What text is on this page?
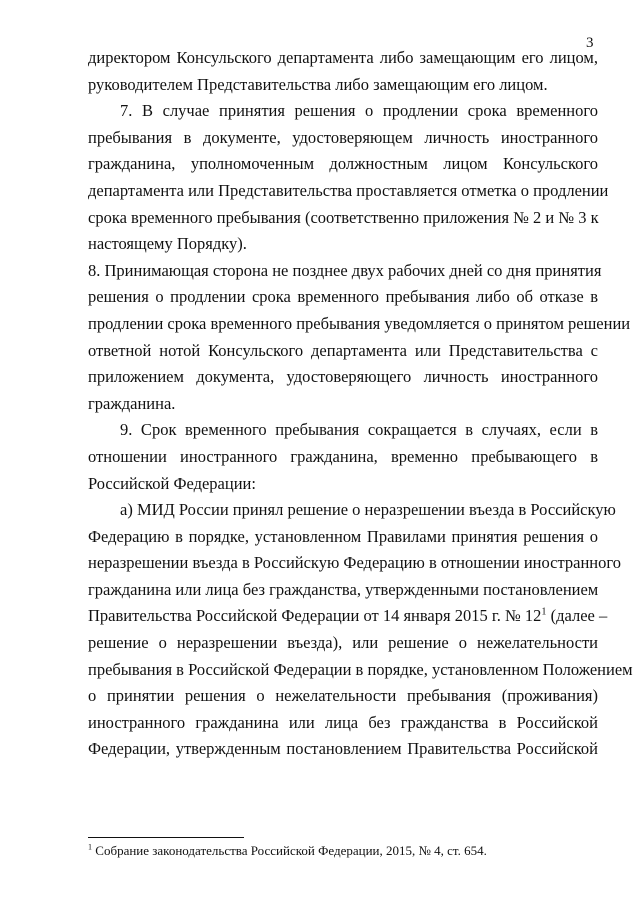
3

директором Консульского департамента либо замещающим его лицом,
руководителем Представительства либо замещающим его лицом.

7. В случае принятия решения о продлении срока временного
пребывания в документе, удостоверяющем личность иностранного
гражданина, уполномоченным должностным лицом Консульского
департамента или Представительства проставляется отметка о продлении
срока временного пребывания (соответственно приложения № 2 и № 3 к
настоящему Порядку).

8. Принимающая сторона не позднее двух рабочих дней со дня принятия
решения о продлении срока временного пребывания либо об отказе в
продлении срока временного пребывания уведомляется о принятом решении
ответной нотой Консульского департамента или Представительства с
приложением документа, удостоверяющего личность иностранного
гражданина.

9. Срок временного пребывания сокращается в случаях, если в
отношении иностранного гражданина, временно пребывающего в
Российской Федерации:

а) МИД России принял решение о неразрешении въезда в Российскую
Федерацию в порядке, установленном Правилами принятия решения о
неразрешении въезда в Российскую Федерацию в отношении иностранного
гражданина или лица без гражданства, утвержденными постановлением
Правительства Российской Федерации от 14 января 2015 г. № $12^1$ (далее –
решение о неразрешении въезда), или решение о нежелательности
пребывания в Российской Федерации в порядке, установленном Положением
о принятии решения о нежелательности пребывания (проживания)
иностранного гражданина или лица без гражданства в Российской
Федерации, утвержденным постановлением Правительства Российской

$^1$ Собрание законодательства Российской Федерации, 2015, № 4, ст. 654.
